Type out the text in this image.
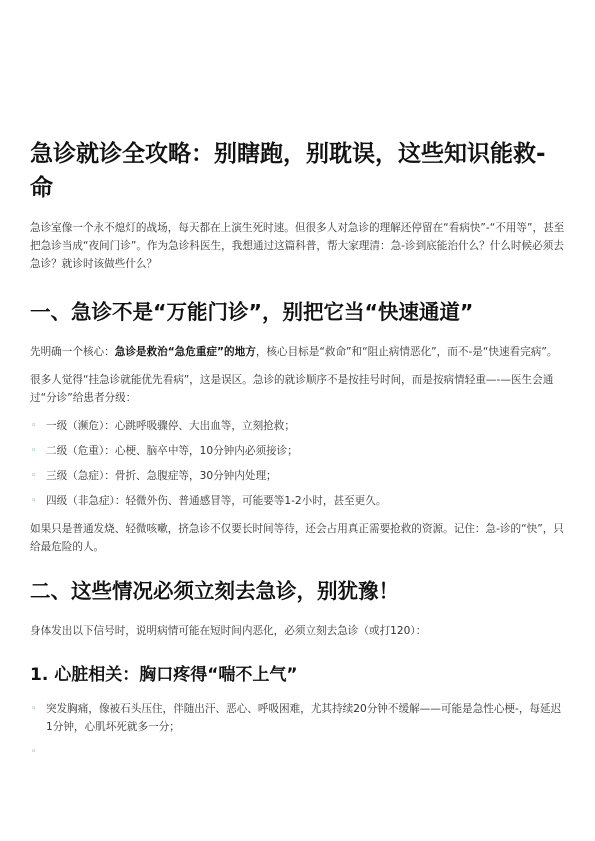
急诊就诊全攻略：别瞎跑，别耽误，这些知识能救-命

急诊室像一个永不熄灯的战场，每天都在上演生死时速。但很多人对急诊的理解还停留在“看病快”-“不用等”，甚至把急诊当成“夜间门诊”。作为急诊科医生，我想通过这篇科普，帮大家理清：急-诊到底能治什么？什么时候必须去急诊？就诊时该做些什么？

一、急诊不是“万能门诊”，别把它当“快速通道”

先明确一个核心：急诊是救治“急危重症”的地方，核心目标是“救命”和“阻止病情恶化”，而不-是“快速看完病”。

很多人觉得“挂急诊就能优先看病”，这是误区。急诊的就诊顺序不是按挂号时间，而是按病情轻重—-—医生会通过“分诊”给患者分级：

◦ 一级（濒危）：心跳呼吸骤停、大出血等，立刻抢救；
◦ 二级（危重）：心梗、脑卒中等，10分钟内必须接诊；
◦ 三级（急症）：骨折、急腹症等，30分钟内处理；
◦ 四级（非急症）：轻微外伤、普通感冒等，可能要等1-2小时，甚至更久。

如果只是普通发烧、轻微咳嗽，挤急诊不仅要长时间等待，还会占用真正需要抢救的资源。记住：急-诊的“快”，只给最危险的人。

二、这些情况必须立刻去急诊，别犹豫！

身体发出以下信号时，说明病情可能在短时间内恶化，必须立刻去急诊（或打120）：

1. 心脏相关：胸口疼得“喘不上气”
◦ 突发胸痛，像被石头压住，伴随出汗、恶心、呼吸困难，尤其持续20分钟不缓解——可能是急性心梗-，每延迟1分钟，心肌坏死就多一分；
◦
